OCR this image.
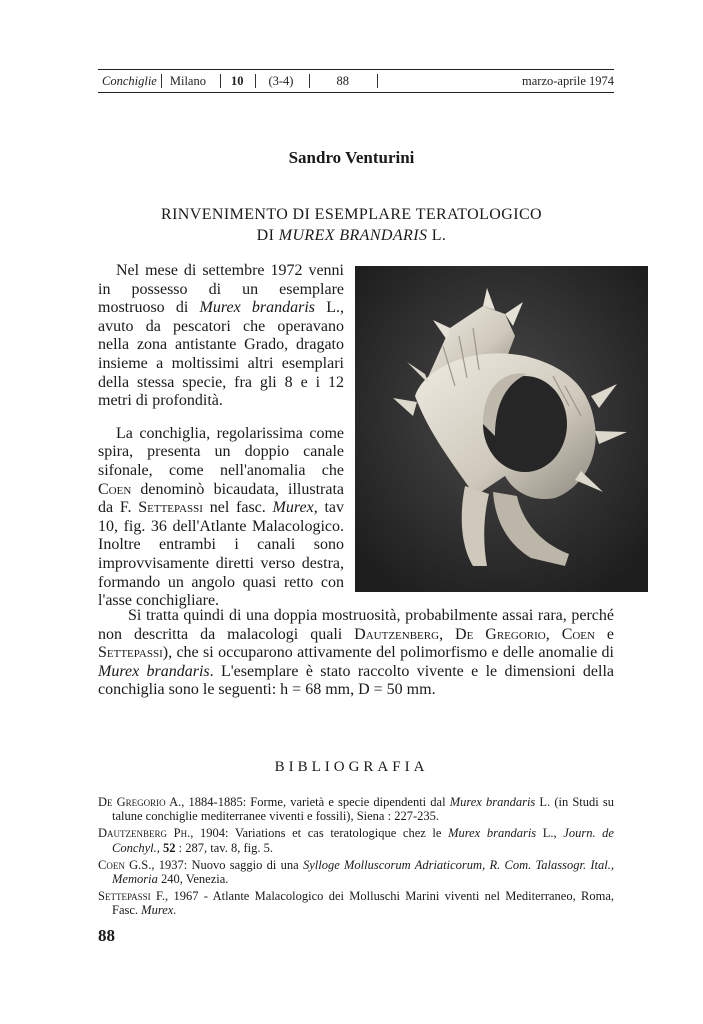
Conchiglie	Milano	10	(3-4)	88	marzo-aprile 1974
Sandro Venturini
RINVENIMENTO DI ESEMPLARE TERATOLOGICO
DI MUREX BRANDARIS L.

Nel mese di settembre 1972 venni in possesso di un esemplare mostruoso di Murex brandaris L., avuto da pescatori che operavano nella zona antistante Grado, dragato insieme a moltissimi altri esemplari della stessa specie, fra gli 8 e i 12 metri di profondità.

La conchiglia, regolarissima come spira, presenta un doppio canale sifonale, come nell'anomalia che Coen denominò bicaudata, illustrata da F. Settepassi nel fasc. Murex, tav 10, fig. 36 dell'Atlante Malacologico. Inoltre entrambi i canali sono improvvisamente diretti verso destra, formando un angolo quasi retto con l'asse conchigliare.

Si tratta quindi di una doppia mostruosità, probabilmente assai rara, perché non descritta da malacologi quali Dautzenberg, De Gregorio, Coen e Settepassi), che si occuparono attivamente del polimorfismo e delle anomalie di Murex brandaris. L'esemplare è stato raccolto vivente e le dimensioni della conchiglia sono le seguenti: h = 68 mm, D = 50 mm.

BIBLIOGRAFIA

De Gregorio A., 1884-1885: Forme, varietà e specie dipendenti dal Murex brandaris L. (in Studi su talune conchiglie mediterranee viventi e fossili), Siena : 227-235.

Dautzenberg Ph., 1904: Variations et cas teratologique chez le Murex brandaris L., Journ. de Conchyl., 52 : 287, tav. 8, fig. 5.

Coen G.S., 1937: Nuovo saggio di una Sylloge Molluscorum Adriaticorum, R. Com. Talassogr. Ital., Memoria 240, Venezia.

Settepassi F., 1967 - Atlante Malacologico dei Molluschi Marini viventi nel Mediterraneo, Roma, Fasc. Murex.

88
